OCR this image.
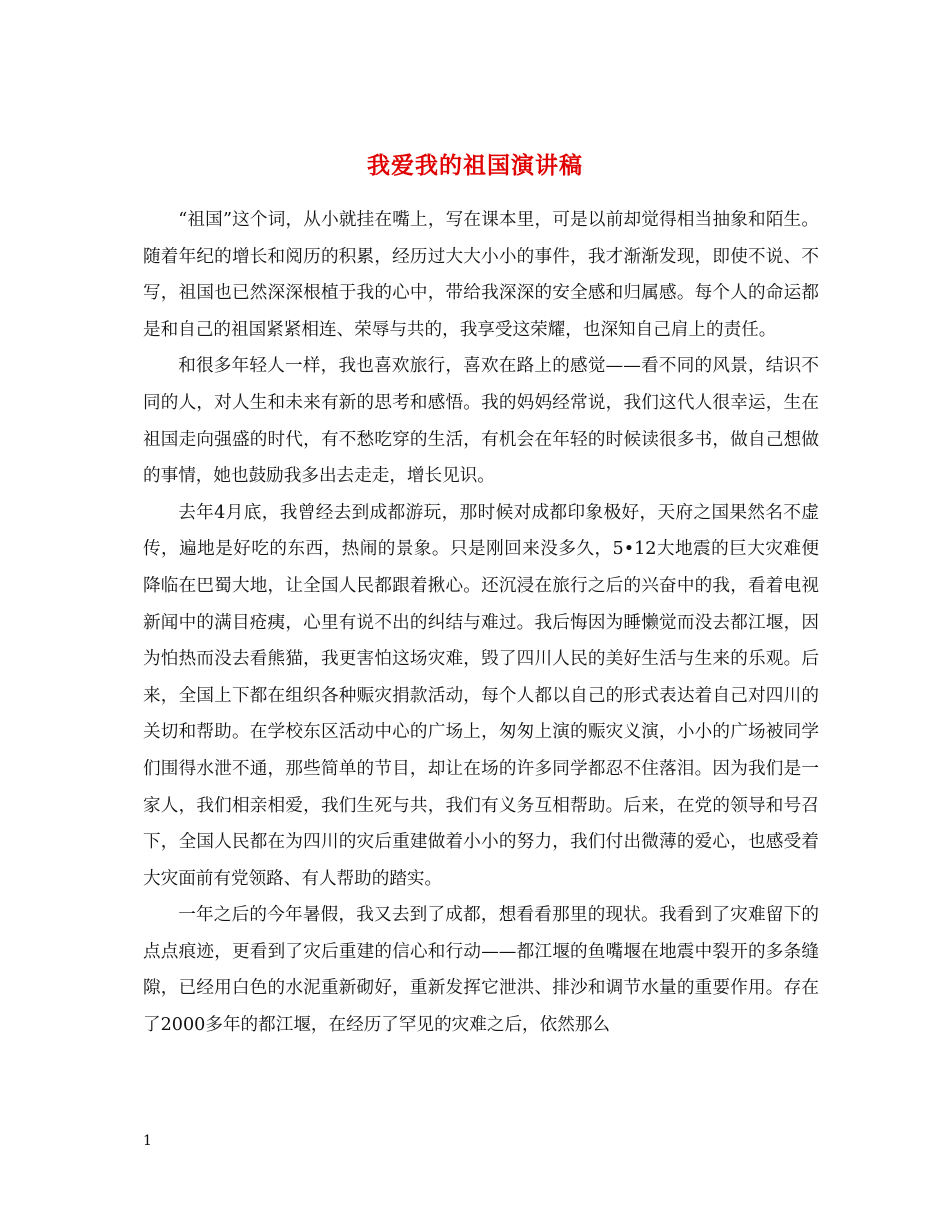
我爱我的祖国演讲稿

“祖国”这个词，从小就挂在嘴上，写在课本里，可是以前却觉得相当抽象和陌生。随着年纪的增长和阅历的积累，经历过大大小小的事件，我才渐渐发现，即使不说、不写，祖国也已然深深根植于我的心中，带给我深深的安全感和归属感。每个人的命运都是和自己的祖国紧紧相连、荣辱与共的，我享受这荣耀，也深知自己肩上的责任。

和很多年轻人一样，我也喜欢旅行，喜欢在路上的感觉——看不同的风景，结识不同的人，对人生和未来有新的思考和感悟。我的妈妈经常说，我们这代人很幸运，生在祖国走向强盛的时代，有不愁吃穿的生活，有机会在年轻的时候读很多书，做自己想做的事情，她也鼓励我多出去走走，增长见识。

去年4月底，我曾经去到成都游玩，那时候对成都印象极好，天府之国果然名不虚传，遍地是好吃的东西，热闹的景象。只是刚回来没多久，5•12大地震的巨大灾难便降临在巴蜀大地，让全国人民都跟着揪心。还沉浸在旅行之后的兴奋中的我，看着电视新闻中的满目疮痍，心里有说不出的纠结与难过。我后悔因为睡懒觉而没去都江堰，因为怕热而没去看熊猫，我更害怕这场灾难，毁了四川人民的美好生活与生来的乐观。后来，全国上下都在组织各种赈灾捐款活动，每个人都以自己的形式表达着自己对四川的关切和帮助。在学校东区活动中心的广场上，匆匆上演的赈灾义演，小小的广场被同学们围得水泄不通，那些简单的节目，却让在场的许多同学都忍不住落泪。因为我们是一家人，我们相亲相爱，我们生死与共，我们有义务互相帮助。后来，在党的领导和号召下，全国人民都在为四川的灾后重建做着小小的努力，我们付出微薄的爱心，也感受着大灾面前有党领路、有人帮助的踏实。

一年之后的今年暑假，我又去到了成都，想看看那里的现状。我看到了灾难留下的点点痕迹，更看到了灾后重建的信心和行动——都江堰的鱼嘴堰在地震中裂开的多条缝隙，已经用白色的水泥重新砌好，重新发挥它泄洪、排沙和调节水量的重要作用。存在了2000多年的都江堰，在经历了罕见的灾难之后，依然那么

1
